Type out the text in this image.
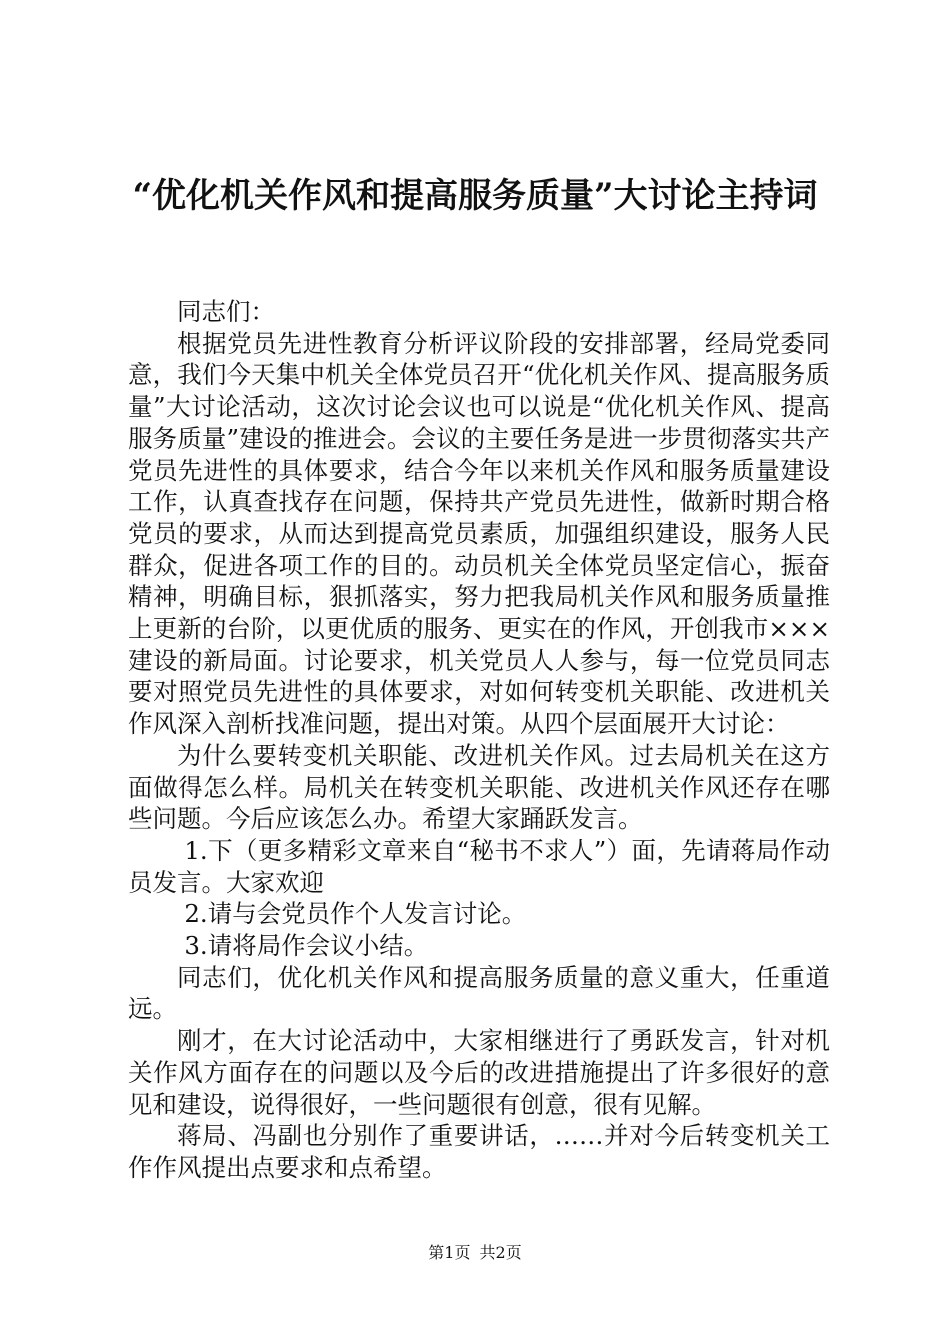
“优化机关作风和提高服务质量”大讨论主持词

同志们：

根据党员先进性教育分析评议阶段的安排部署，经局党委同意，我们今天集中机关全体党员召开“优化机关作风、提高服务质量”大讨论活动，这次讨论会议也可以说是“优化机关作风、提高服务质量”建设的推进会。会议的主要任务是进一步贯彻落实共产党员先进性的具体要求，结合今年以来机关作风和服务质量建设工作，认真查找存在问题，保持共产党员先进性，做新时期合格党员的要求，从而达到提高党员素质，加强组织建设，服务人民群众，促进各项工作的目的。动员机关全体党员坚定信心，振奋精神，明确目标，狠抓落实，努力把我局机关作风和服务质量推上更新的台阶，以更优质的服务、更实在的作风，开创我市×××建设的新局面。讨论要求，机关党员人人参与，每一位党员同志要对照党员先进性的具体要求，对如何转变机关职能、改进机关作风深入剖析找准问题，提出对策。从四个层面展开大讨论：

为什么要转变机关职能、改进机关作风。过去局机关在这方面做得怎么样。局机关在转变机关职能、改进机关作风还存在哪些问题。今后应该怎么办。希望大家踊跃发言。

1.下（更多精彩文章来自“秘书不求人”）面，先请蒋局作动员发言。大家欢迎

2.请与会党员作个人发言讨论。

3.请将局作会议小结。

同志们，优化机关作风和提高服务质量的意义重大，任重道远。

刚才，在大讨论活动中，大家相继进行了勇跃发言，针对机关作风方面存在的问题以及今后的改进措施提出了许多很好的意见和建设，说得很好，一些问题很有创意，很有见解。

蒋局、冯副也分别作了重要讲话，……并对今后转变机关工作作风提出点要求和点希望。

第1页 共2页
